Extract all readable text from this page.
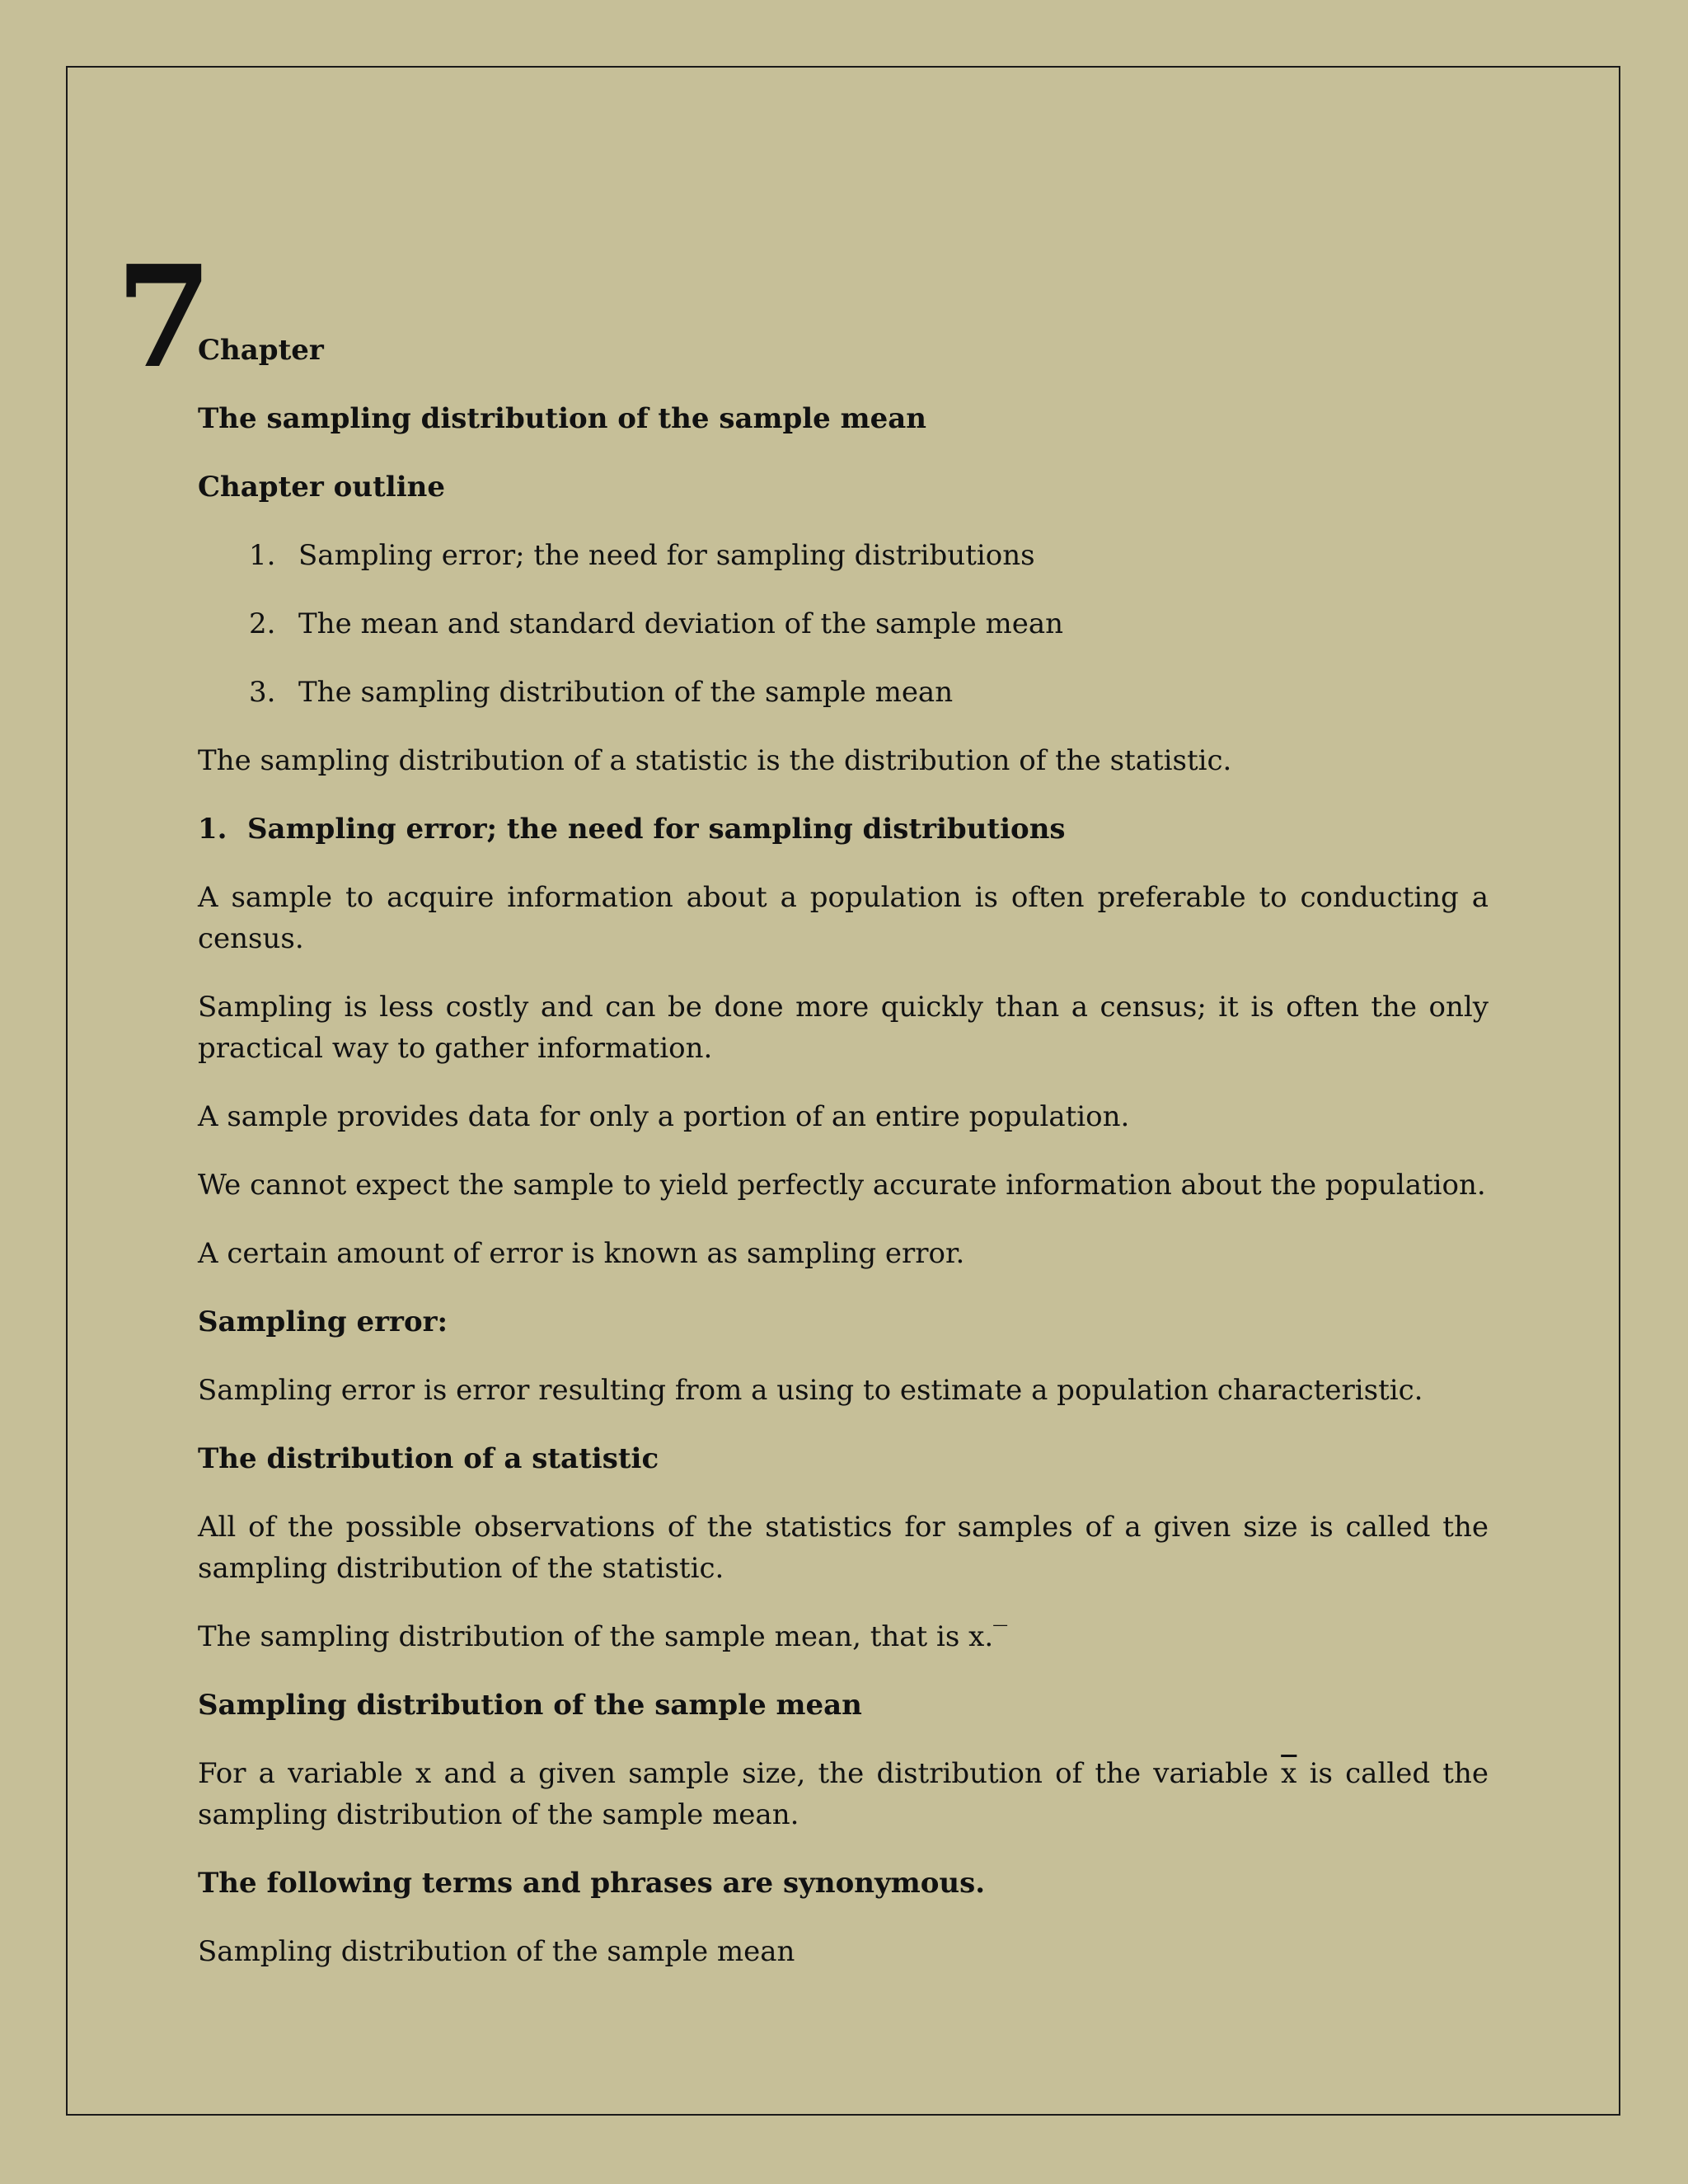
7

Chapter

The sampling distribution of the sample mean

Chapter outline

1. Sampling error; the need for sampling distributions
2. The mean and standard deviation of the sample mean
3. The sampling distribution of the sample mean

The sampling distribution of a statistic is the distribution of the statistic.

1. Sampling error; the need for sampling distributions

A sample to acquire information about a population is often preferable to conducting a census.

Sampling is less costly and can be done more quickly than a census; it is often the only practical way to gather information.

A sample provides data for only a portion of an entire population.

We cannot expect the sample to yield perfectly accurate information about the population.

A certain amount of error is known as sampling error.

Sampling error:

Sampling error is error resulting from a using to estimate a population characteristic.

The distribution of a statistic

All of the possible observations of the statistics for samples of a given size is called the sampling distribution of the statistic.

The sampling distribution of the sample mean, that is x.‾

Sampling distribution of the sample mean

For a variable x and a given sample size, the distribution of the variable $\overline{x}$ is called the sampling distribution of the sample mean.

The following terms and phrases are synonymous.

Sampling distribution of the sample mean
